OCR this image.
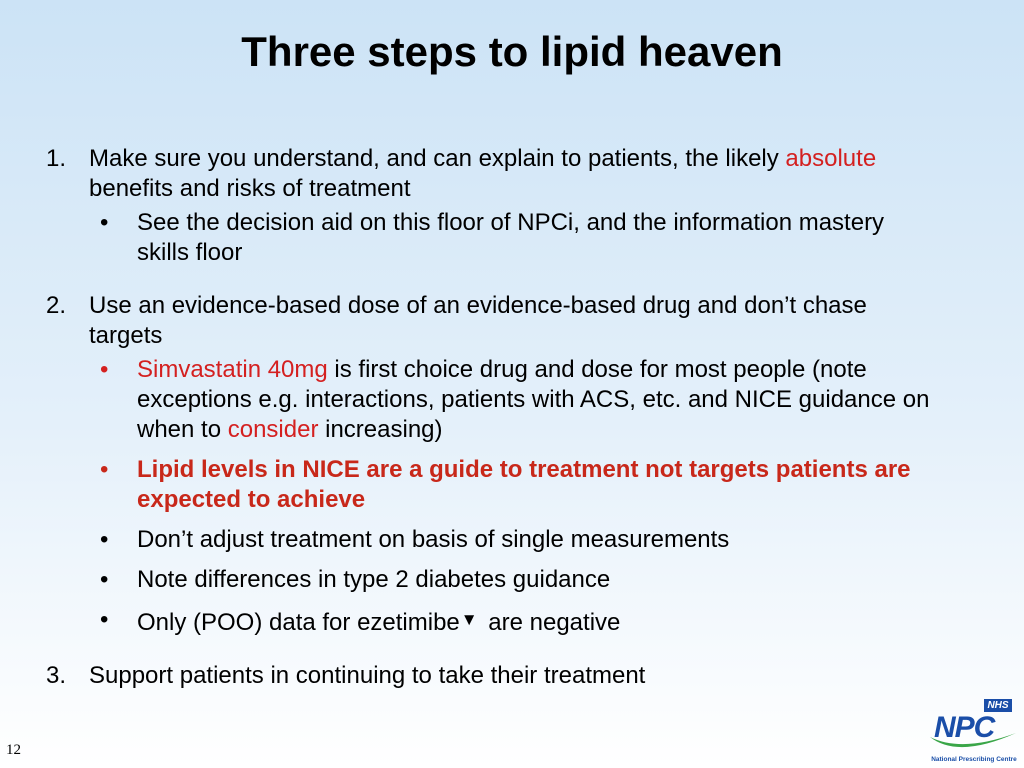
Three steps to lipid heaven
1. Make sure you understand, and can explain to patients, the likely absolute benefits and risks of treatment
• See the decision aid on this floor of NPCi, and the information mastery skills floor
2. Use an evidence-based dose of an evidence-based drug and don’t chase targets
• Simvastatin 40mg is first choice drug and dose for most people (note exceptions e.g. interactions, patients with ACS, etc. and NICE guidance on when to consider increasing)
• Lipid levels in NICE are a guide to treatment not targets patients are expected to achieve
• Don’t adjust treatment on basis of single measurements
• Note differences in type 2 diabetes guidance
• Only (POO) data for ezetimibe▼ are negative
3. Support patients in continuing to take their treatment
12
NHS
NPC
National Prescribing Centre
